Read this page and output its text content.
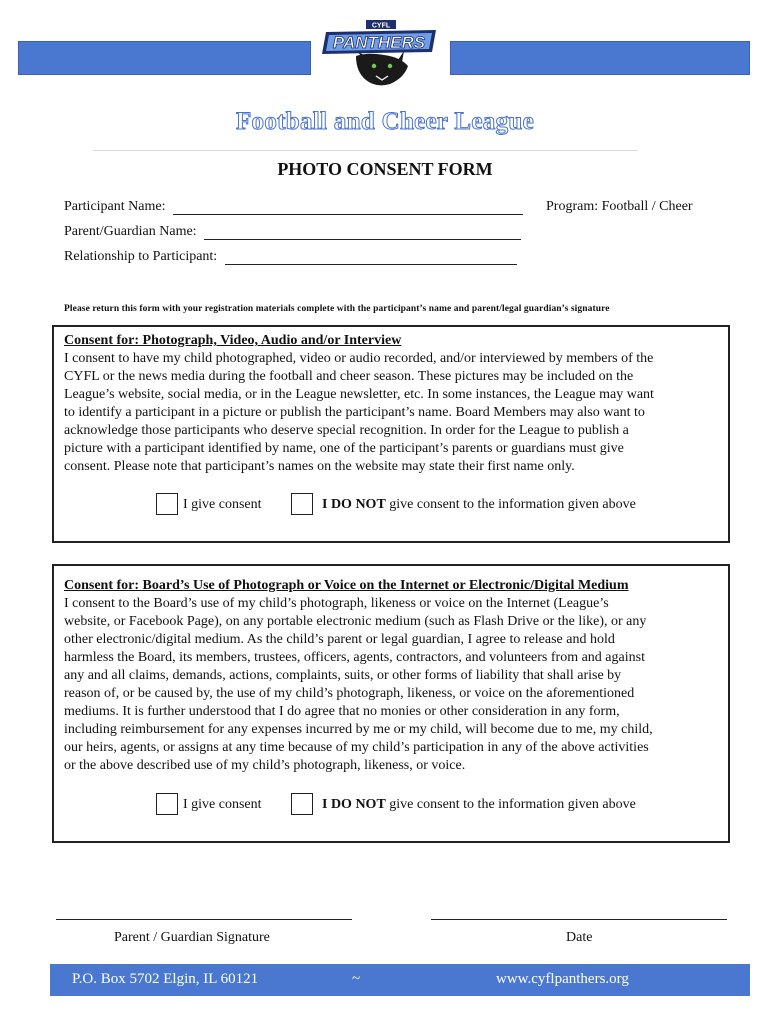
CYFL
PANTHERS
Football and Cheer League
PHOTO CONSENT FORM
Participant Name:	Program: Football / Cheer
Parent/Guardian Name:
Relationship to Participant:
Please return this form with your registration materials complete with the participant’s name and parent/legal guardian’s signature
Consent for: Photograph, Video, Audio and/or Interview
I consent to have my child photographed, video or audio recorded, and/or interviewed by members of the
CYFL or the news media during the football and cheer season. These pictures may be included on the
League’s website, social media, or in the League newsletter, etc. In some instances, the League may want
to identify a participant in a picture or publish the participant’s name. Board Members may also want to
acknowledge those participants who deserve special recognition. In order for the League to publish a
picture with a participant identified by name, one of the participant’s parents or guardians must give
consent. Please note that participant’s names on the website may state their first name only.
I give consent	I DO NOT give consent to the information given above
Consent for: Board’s Use of Photograph or Voice on the Internet or Electronic/Digital Medium
I consent to the Board’s use of my child’s photograph, likeness or voice on the Internet (League’s
website, or Facebook Page), on any portable electronic medium (such as Flash Drive or the like), or any
other electronic/digital medium. As the child’s parent or legal guardian, I agree to release and hold
harmless the Board, its members, trustees, officers, agents, contractors, and volunteers from and against
any and all claims, demands, actions, complaints, suits, or other forms of liability that shall arise by
reason of, or be caused by, the use of my child’s photograph, likeness, or voice on the aforementioned
mediums. It is further understood that I do agree that no monies or other consideration in any form,
including reimbursement for any expenses incurred by me or my child, will become due to me, my child,
our heirs, agents, or assigns at any time because of my child’s participation in any of the above activities
or the above described use of my child’s photograph, likeness, or voice.
I give consent	I DO NOT give consent to the information given above
Parent / Guardian Signature	Date
P.O. Box 5702 Elgin, IL 60121	~	www.cyflpanthers.org
